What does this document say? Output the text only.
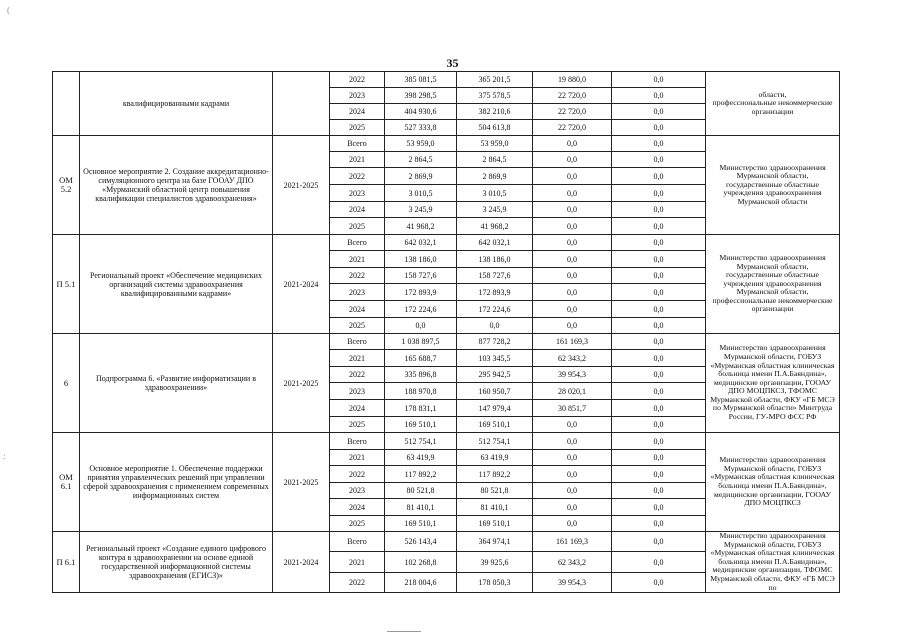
(
35
:
	квалифицированными кадрами		2022	385 081,5	365 201,5	19 880,0	0,0	области,
профессиональные некоммерческие
организации
			2023	398 298,5	375 578,5	22 720,0	0,0	
			2024	404 930,6	382 210,6	22 720,0	0,0	
			2025	527 333,8	504 613,8	22 720,0	0,0	
ОМ
5.2	Основное мероприятие 2. Создание аккредитационно-симуляционного центра на базе ГООАУ ДПО «Мурманский областной центр повышения квалификации специалистов здравоохранения»	2021-2025	Всего	53 959,0	53 959,0	0,0	0,0	Министерство здравоохранения Мурманской области, государственные областные учреждения здравоохранения Мурманской области
			2021	2 864,5	2 864,5	0,0	0,0	
			2022	2 869,9	2 869,9	0,0	0,0	
			2023	3 010,5	3 010,5	0,0	0,0	
			2024	3 245,9	3 245,9	0,0	0,0	
			2025	41 968,2	41 968,2	0,0	0,0	
П 5.1	Региональный проект «Обеспечение медицинских организаций системы здравоохранения квалифицированными кадрами»	2021-2024	Всего	642 032,1	642 032,1	0,0	0,0	Министерство здравоохранения Мурманской области, государственные областные учреждения здравоохранения Мурманской области, профессиональные некоммерческие организации
			2021	138 186,0	138 186,0	0,0	0,0	
			2022	158 727,6	158 727,6	0,0	0,0	
			2023	172 893,9	172 893,9	0,0	0,0	
			2024	172 224,6	172 224,6	0,0	0,0	
			2025	0,0	0,0	0,0	0,0	
6	Подпрограмма 6. «Развитие информатизации в здравоохранении»	2021-2025	Всего	1 038 897,5	877 728,2	161 169,3	0,0	Министерство здравоохранения Мурманской области, ГОБУЗ «Мурманская областная клиническая больница имени П.А.Баяндина», медицинские организации, ГООАУ ДПО МОЦПКСЗ, ТФОМС Мурманской области, ФКУ «ГБ МСЭ по Мурманской области» Минтруда России, ГУ-МРО ФСС РФ
			2021	165 688,7	103 345,5	62 343,2	0,0	
			2022	335 896,8	295 942,5	39 954,3	0,0	
			2023	188 970,8	160 950,7	28 020,1	0,0	
			2024	178 831,1	147 979,4	30 851,7	0,0	
			2025	169 510,1	169 510,1	0,0	0,0	
ОМ
6.1	Основное мероприятие 1. Обеспечение поддержки принятия управленческих решений при управлении сферой здравоохранения с применением современных информационных систем	2021-2025	Всего	512 754,1	512 754,1	0,0	0,0	Министерство здравоохранения Мурманской области, ГОБУЗ «Мурманская областная клиническая больница имени П.А.Баяндина», медицинские организации, ГООАУ ДПО МОЦПКСЗ
			2021	63 419,9	63 419,9	0,0	0,0	
			2022	117 892,2	117 892,2	0,0	0,0	
			2023	80 521,8	80 521,8	0,0	0,0	
			2024	81 410,1	81 410,1	0,0	0,0	
			2025	169 510,1	169 510,1	0,0	0,0	
П 6.1	Региональный проект «Создание единого цифрового контура в здравоохранении на основе единой государственной информационной системы здравоохранения (ЕГИСЗ)»	2021-2024	Всего	526 143,4	364 974,1	161 169,3	0,0	Министерство здравоохранения Мурманской области, ГОБУЗ «Мурманская областная клиническая больница имени П.А.Баяндина», медицинские организации, ТФОМС Мурманской области, ФКУ «ГБ МСЭ по
			2021	102 268,8	39 925,6	62 343,2	0,0	
			2022	218 004,6	178 050,3	39 954,3	0,0	
